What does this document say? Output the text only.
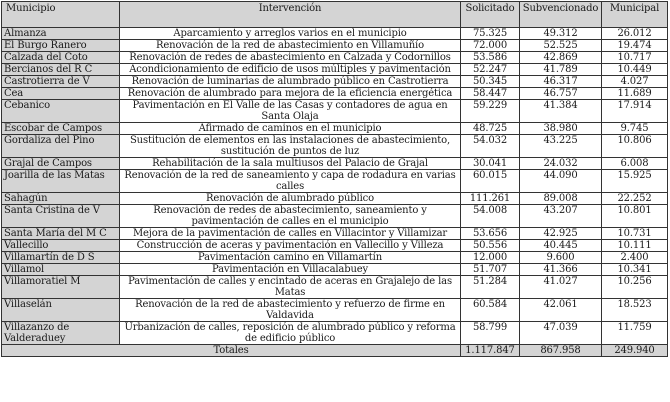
Municipio	Intervención	Solicitado	Subvencionado	Municipal
Almanza	Aparcamiento y arreglos varios en el municipio	75.325	49.312	26.012
El Burgo Ranero	Renovación de la red de abastecimiento en Villamuñío	72.000	52.525	19.474
Calzada del Coto	Renovación de redes de abastecimiento en Calzada y Codornillos	53.586	42.869	10.717
Bercianos del R C	Acondicionamiento de edificio de usos múltiples y pavimentación	52.247	41.789	10.449
Castrotierra de V	Renovación de luminarias de alumbrado público en Castrotierra	50.345	46.317	4.027
Cea	Renovación de alumbrado para mejora de la eficiencia energética	58.447	46.757	11.689
Cebanico	Pavimentación en El Valle de las Casas y contadores de agua en Santa Olaja	59.229	41.384	17.914
Escobar de Campos	Afirmado de caminos en el municipio	48.725	38.980	9.745
Gordaliza del Pino	Sustitución de elementos en las instalaciones de abastecimiento, sustitución de puntos de luz	54.032	43.225	10.806
Grajal de Campos	Rehabilitación de la sala multiusos del Palacio de Grajal	30.041	24.032	6.008
Joarilla de las Matas	Renovación de la red de saneamiento y capa de rodadura en varias calles	60.015	44.090	15.925
Sahagún	Renovación de alumbrado público	111.261	89.008	22.252
Santa Cristina de V	Renovación de redes de abastecimiento, saneamiento y pavimentación de calles en el municipio	54.008	43.207	10.801
Santa María del M C	Mejora de la pavimentación de calles en Villacintor y Villamizar	53.656	42.925	10.731
Vallecillo	Construcción de aceras y pavimentación en Vallecillo y Villeza	50.556	40.445	10.111
Villamartín de D S	Pavimentación camino en Villamartín	12.000	9.600	2.400
Villamol	Pavimentación en Villacalabuey	51.707	41.366	10.341
Villamoratiel M	Pavimentación de calles y encintado de aceras en Grajalejo de las Matas	51.284	41.027	10.256
Villaselán	Renovación de la red de abastecimiento y refuerzo de firme en Valdavida	60.584	42.061	18.523
Villazanzo de Valderaduey	Urbanización de calles, reposición de alumbrado público y reforma de edificio público	58.799	47.039	11.759
Totales		1.117.847	867.958	249.940
